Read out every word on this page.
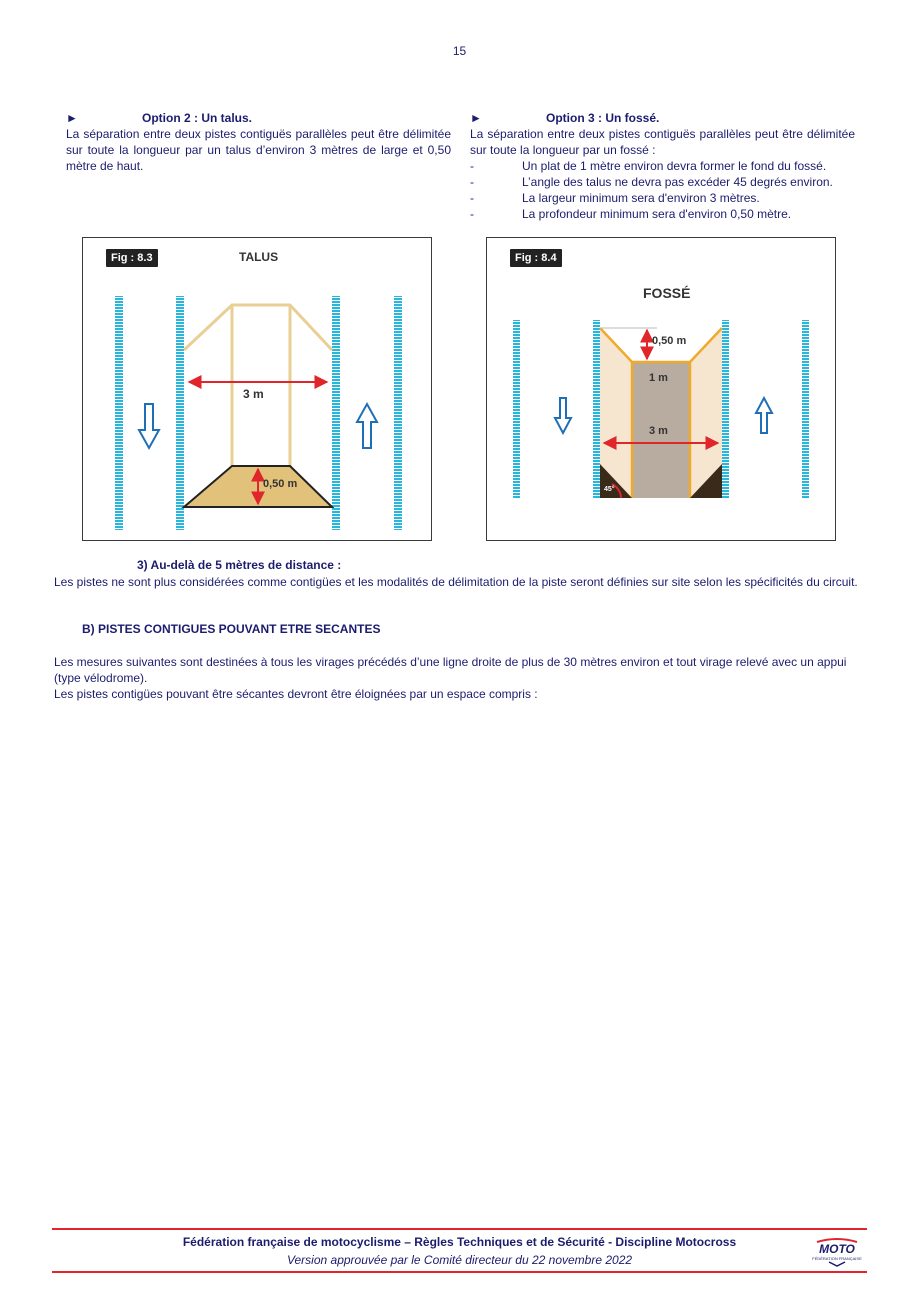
15
►	Option 2 : Un talus.
La séparation entre deux pistes contiguës parallèles peut être délimitée sur toute la longueur par un talus d’environ 3 mètres de large et 0,50 mètre de haut.
►	Option 3 : Un fossé.
La séparation entre deux pistes contiguës parallèles peut être délimitée sur toute la longueur par un fossé :
-	Un plat de 1 mètre environ devra former le fond du fossé.
-	L’angle des talus ne devra pas excéder 45 degrés environ.
-	La largeur minimum sera d'environ 3 mètres.
-	La profondeur minimum sera d'environ 0,50 mètre.
Fig : 8.3	TALUS
3 m
0,50 m
Fig : 8.4
FOSSÉ
0,50 m
1 m
3 m
45°
3) Au-delà de 5 mètres de distance :
Les pistes ne sont plus considérées comme contigües et les modalités de délimitation de la piste seront définies sur site selon les spécificités du circuit.
B) PISTES CONTIGUES POUVANT ETRE SECANTES
Les mesures suivantes sont destinées à tous les virages précédés d’une ligne droite de plus de 30 mètres environ et tout virage relevé avec un appui (type vélodrome).
Les pistes contigües pouvant être sécantes devront être éloignées par un espace compris :
Fédération française de motocyclisme – Règles Techniques et de Sécurité - Discipline Motocross
Version approuvée par le Comité directeur du 22 novembre 2022
MOTO
FÉDÉRATION FRANÇAISE
